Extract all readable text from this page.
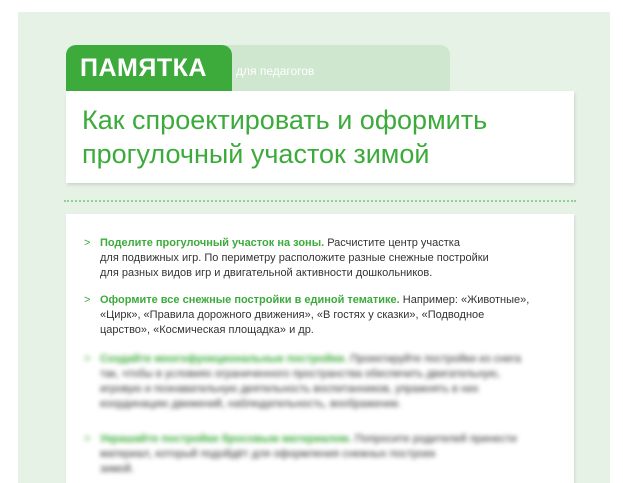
для педагогов
ПАМЯТКА
Как спроектировать и оформить
прогулочный участок зимой
> Поделите прогулочный участок на зоны. Расчистите центр участка
для подвижных игр. По периметру расположите разные снежные постройки
для разных видов игр и двигательной активности дошкольников.
> Оформите все снежные постройки в единой тематике. Например: «Животные»,
«Цирк», «Правила дорожного движения», «В гостях у сказки», «Подводное
царство», «Космическая площадка» и др.
> Создайте многофункциональные постройки. Проектируйте постройки из снега
так, чтобы в условиях ограниченного пространства обеспечить двигательную,
игровую и познавательную деятельность воспитанников, упражнять в них
координацию движений, наблюдательность, воображение.
> Украшайте постройки бросовым материалом. Попросите родителей принести
материал, который подойдёт для оформления снежных построек
зимой.
